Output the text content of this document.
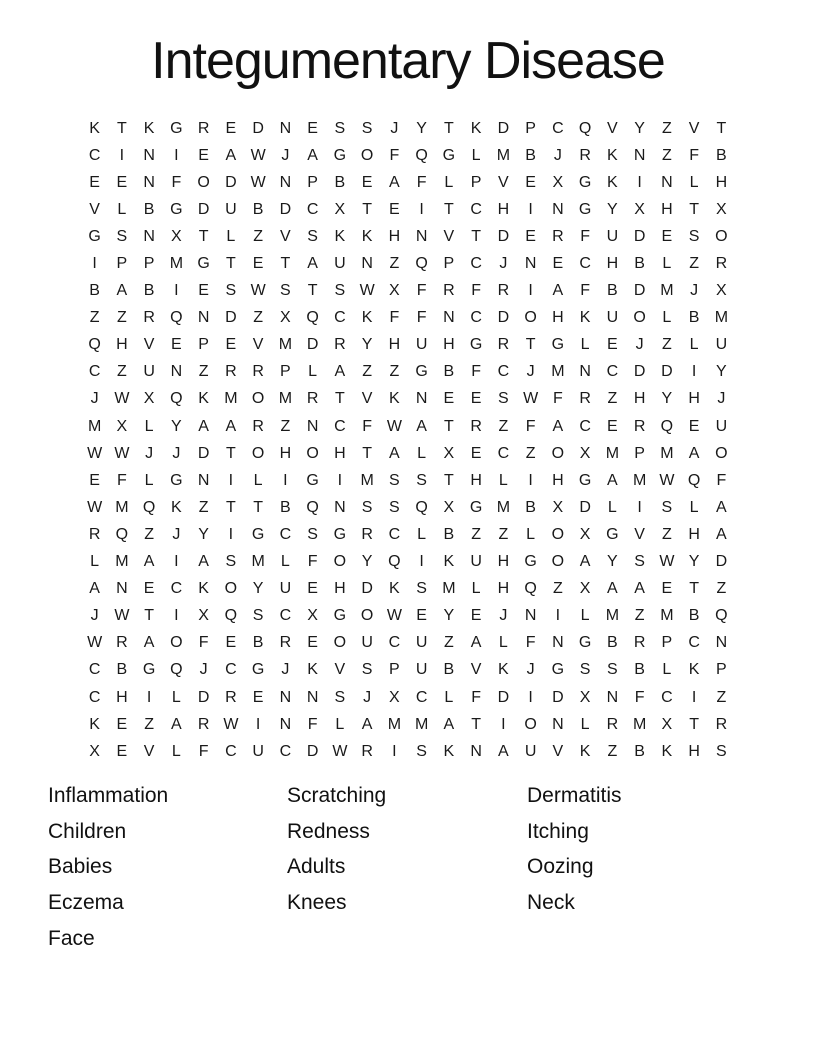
Integumentary Disease
K	T	K G R	E	D N	E	S	S	J	Y	T	K	D	P	C Q V	Y	Z	V	T
C	I	N	I	E	A W J	A G O	F	Q G	L	M B	J	R	K	N	Z	F	B
E	E	N	F	O D W N	P	B	E	A	F	L	P	V	E	X G K	I	N	L	H
V	L	B G D U	B	D C	X	T	E	I	T	C H	I	N G Y	X	H	T	X
G S	N	X	T	L	Z	V	S	K	K	H N	V	T	D	E	R	F	U D	E	S O
I	P	P M G	T	E	T	A	U N	Z	Q P	C	J	N	E	C H	B	L	Z	R
B	A	B	I	E	S W S	T	S W X	F	R	F	R	I	A	F	B	D M	J	X
Z	Z	R Q N D	Z	X Q C	K	F	F	N C D O H	K	U O	L	B M
Q H	V	E	P	E	V M D R	Y	H U H G R	T	G	L	E	J	Z	L	U
C	Z	U N	Z	R R	P	L	A	Z	Z	G B	F	C	J	M N C D D	I	Y
J W X Q K M O M R	T	V	K	N	E	E	S W F	R	Z	H	Y	H	J
M X	L	Y	A	A	R	Z	N C	F W A	T	R	Z	F	A	C	E	R Q E	U
W W J	J	D	T	O H O H	T	A	L	X	E	C	Z	O X M P M A O
E	F	L	G N	I	L	I	G	I	M S	S	T	H	L	I	H G A M W Q	F
W M Q K	Z	T	T	B Q N	S	S Q X G M B	X	D	L	I	S	L	A
R Q	Z	J	Y	I	G C	S G R C	L	B	Z	Z	L	O X G V	Z	H	A
L	M A	I	A	S M	L	F	O Y Q	I	K	U H G O A	Y	S W Y	D
A	N	E	C	K O Y	U	E	H D	K	S M	L	H Q	Z	X	A	A	E	T	Z
J W T	I	X Q S	C	X G O W E	Y	E	J	N	I	L	M Z M B Q
W R	A O	F	E	B	R	E O U C U	Z	A	L	F	N G B	R	P	C N
C	B G Q	J	C G	J	K	V	S	P	U	B	V	K	J	G S	S	B	L	K	P
C H	I	L	D R	E	N N	S	J	X	C	L	F	D	I	D	X	N	F	C	I	Z
K	E	Z	A	R W	I	N	F	L	A M M A	T	I	O N	L	R M X	T	R
X	E	V	L	F	C U C D W R	I	S	K	N	A	U	V	K	Z	B	K	H	S
Inflammation
Children
Babies
Eczema
Face
Scratching
Redness
Adults
Knees
Dermatitis
Itching
Oozing
Neck
